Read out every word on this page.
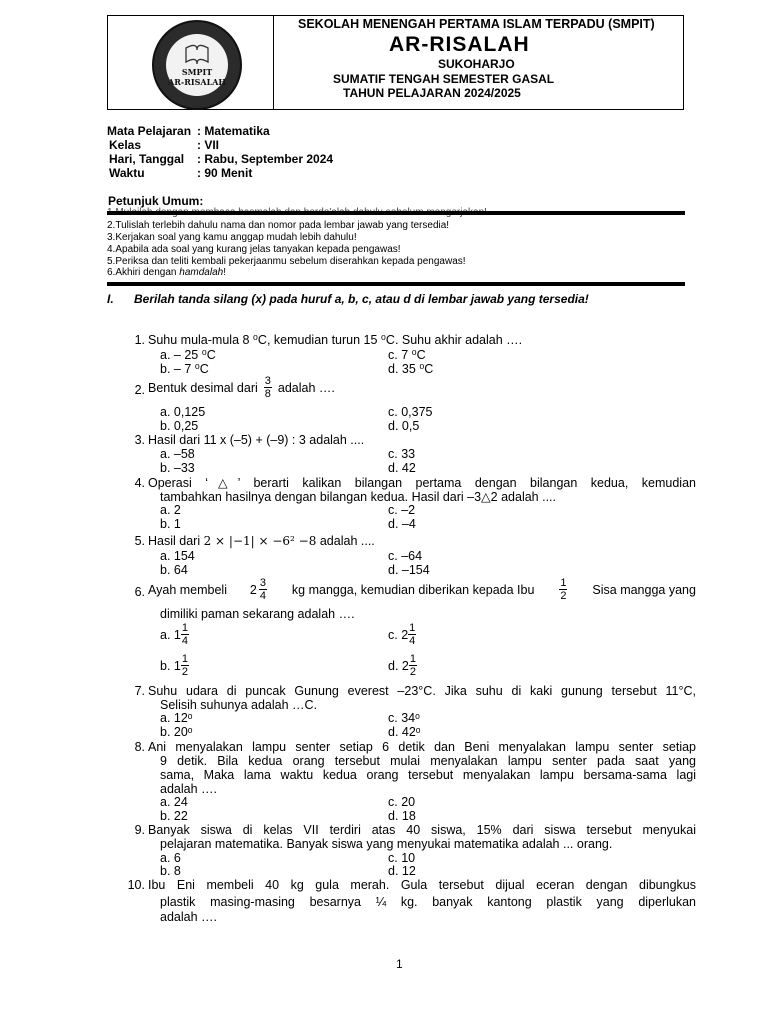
SMPIT
AR-RISALAH
SEKOLAH MENENGAH PERTAMA ISLAM TERPADU (SMPIT)
AR-RISALAH
SUKOHARJO
SUMATIF TENGAH SEMESTER GASAL
TAHUN PELAJARAN 2024/2025
Mata Pelajaran : Matematika
Kelas	: VII
Hari, Tanggal : Rabu, September 2024
Waktu	: 90 Menit
Petunjuk Umum:
2.Tulislah terlebih dahulu nama dan nomor pada lembar jawab yang tersedia!
3.Kerjakan soal yang kamu anggap mudah lebih dahulu!
4.Apabila ada soal yang kurang jelas tanyakan kepada pengawas!
5.Periksa dan teliti kembali pekerjaanmu sebelum diserahkan kepada pengawas!
6.Akhiri dengan hamdalah!
I. Berilah tanda silang (x) pada huruf a, b, c, atau d di lembar jawab yang tersedia!
1. Suhu mula-mula 8 ⁰C, kemudian turun 15 ⁰C. Suhu akhir adalah ….
a. – 25 ⁰C	c. 7 ⁰C
b. – 7 ⁰C	d. 35 ⁰C
2. Bentuk desimal dari $\frac{3}{8}$ adalah ….
a. 0,125	c. 0,375
b. 0,25	d. 0,5
3. Hasil dari 11 x (–5) + (–9) : 3 adalah ....
a. –58	c. 33
b. –33	d. 42
4. Operasi ‘△’ berarti kalikan bilangan pertama dengan bilangan kedua, kemudian
tambahkan hasilnya dengan bilangan kedua. Hasil dari –3△2 adalah ....
a. 2	c. –2
b. 1	d. –4
5. Hasil dari 2 × |−1| × −6² −8 adalah ....
a. 154	c. –64
b. 64	d. –154
6. Ayah membeli $2 \frac{3}{4}$ kg mangga, kemudian diberikan kepada Ibu $\frac{1}{2}$ Sisa mangga yang
dimiliki paman sekarang adalah ….
a. $1 \frac{1}{4}$	c. $2 \frac{1}{4}$
b. $1 \frac{1}{2}$	d. $2 \frac{1}{2}$
7. Suhu udara di puncak Gunung everest –23°C. Jika suhu di kaki gunung tersebut 11°C,
Selisih suhunya adalah …C.
a. 12ᵒ	c. 34ᵒ
b. 20ᵒ	d. 42ᵒ
8. Ani menyalakan lampu senter setiap 6 detik dan Beni menyalakan lampu senter setiap
9 detik. Bila kedua orang tersebut mulai menyalakan lampu senter pada saat yang
sama, Maka lama waktu kedua orang tersebut menyalakan lampu bersama-sama lagi
adalah ….
a. 24	c. 20
b. 22	d. 18
9. Banyak siswa di kelas VII terdiri atas 40 siswa, 15% dari siswa tersebut menyukai
pelajaran matematika. Banyak siswa yang menyukai matematika adalah ... orang.
a. 6	c. 10
b. 8	d. 12
10. Ibu Eni membeli 40 kg gula merah. Gula tersebut dijual eceran dengan dibungkus
plastik masing-masing besarnya ¼ kg. banyak kantong plastik yang diperlukan
adalah ….
1
